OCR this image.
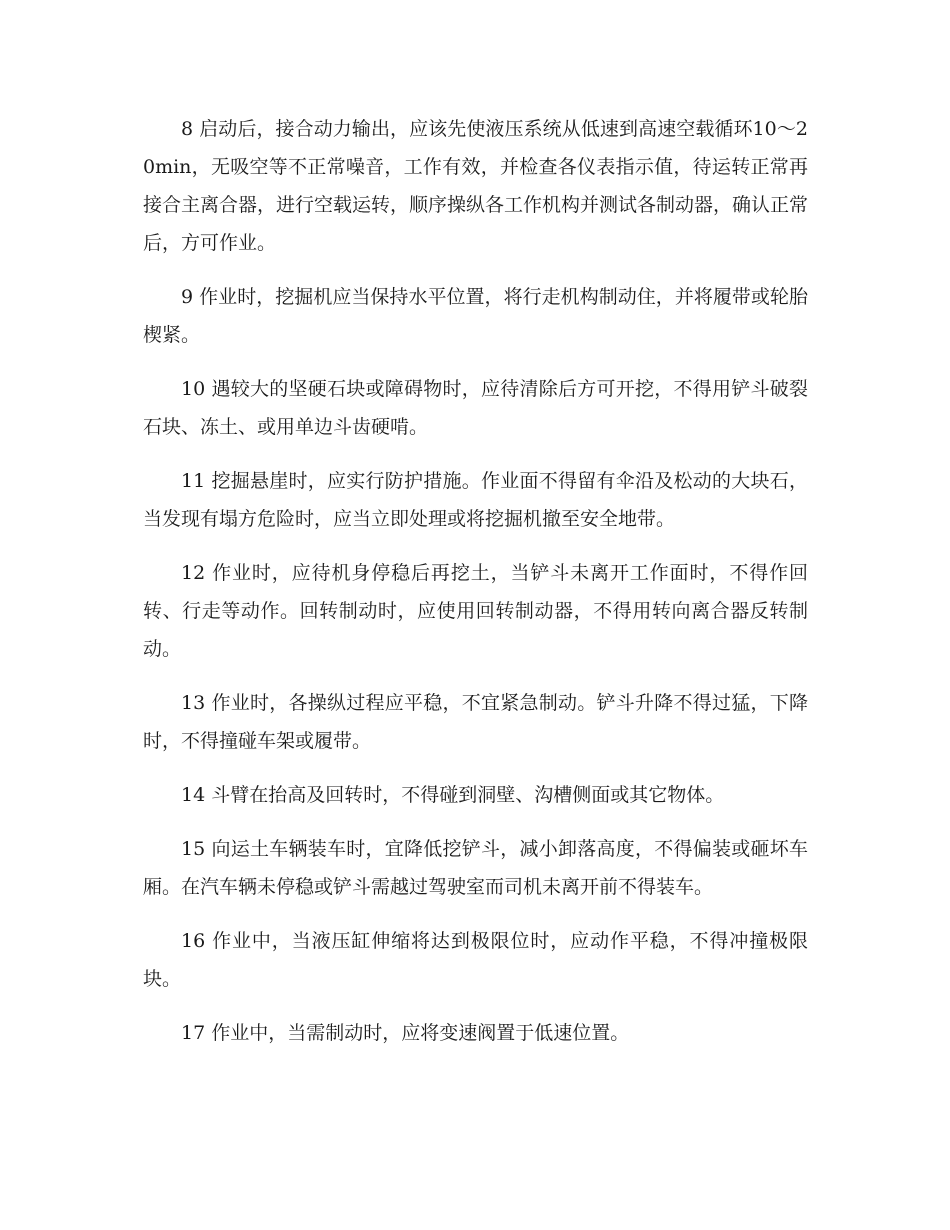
8 启动后，接合动力输出，应该先使液压系统从低速到高速空载循环10～20min，无吸空等不正常噪音，工作有效，并检查各仪表指示值，待运转正常再接合主离合器，进行空载运转，顺序操纵各工作机构并测试各制动器，确认正常后，方可作业。

9 作业时，挖掘机应当保持水平位置，将行走机构制动住，并将履带或轮胎楔紧。

10 遇较大的坚硬石块或障碍物时，应待清除后方可开挖，不得用铲斗破裂石块、冻土、或用单边斗齿硬啃。

11 挖掘悬崖时，应实行防护措施。作业面不得留有伞沿及松动的大块石，当发现有塌方危险时，应当立即处理或将挖掘机撤至安全地带。

12 作业时，应待机身停稳后再挖土，当铲斗未离开工作面时，不得作回转、行走等动作。回转制动时，应使用回转制动器，不得用转向离合器反转制动。

13 作业时，各操纵过程应平稳，不宜紧急制动。铲斗升降不得过猛，下降时，不得撞碰车架或履带。

14 斗臂在抬高及回转时，不得碰到洞壁、沟槽侧面或其它物体。

15 向运土车辆装车时，宜降低挖铲斗，减小卸落高度，不得偏装或砸坏车厢。在汽车辆未停稳或铲斗需越过驾驶室而司机未离开前不得装车。

16 作业中，当液压缸伸缩将达到极限位时，应动作平稳，不得冲撞极限块。

17 作业中，当需制动时，应将变速阀置于低速位置。
